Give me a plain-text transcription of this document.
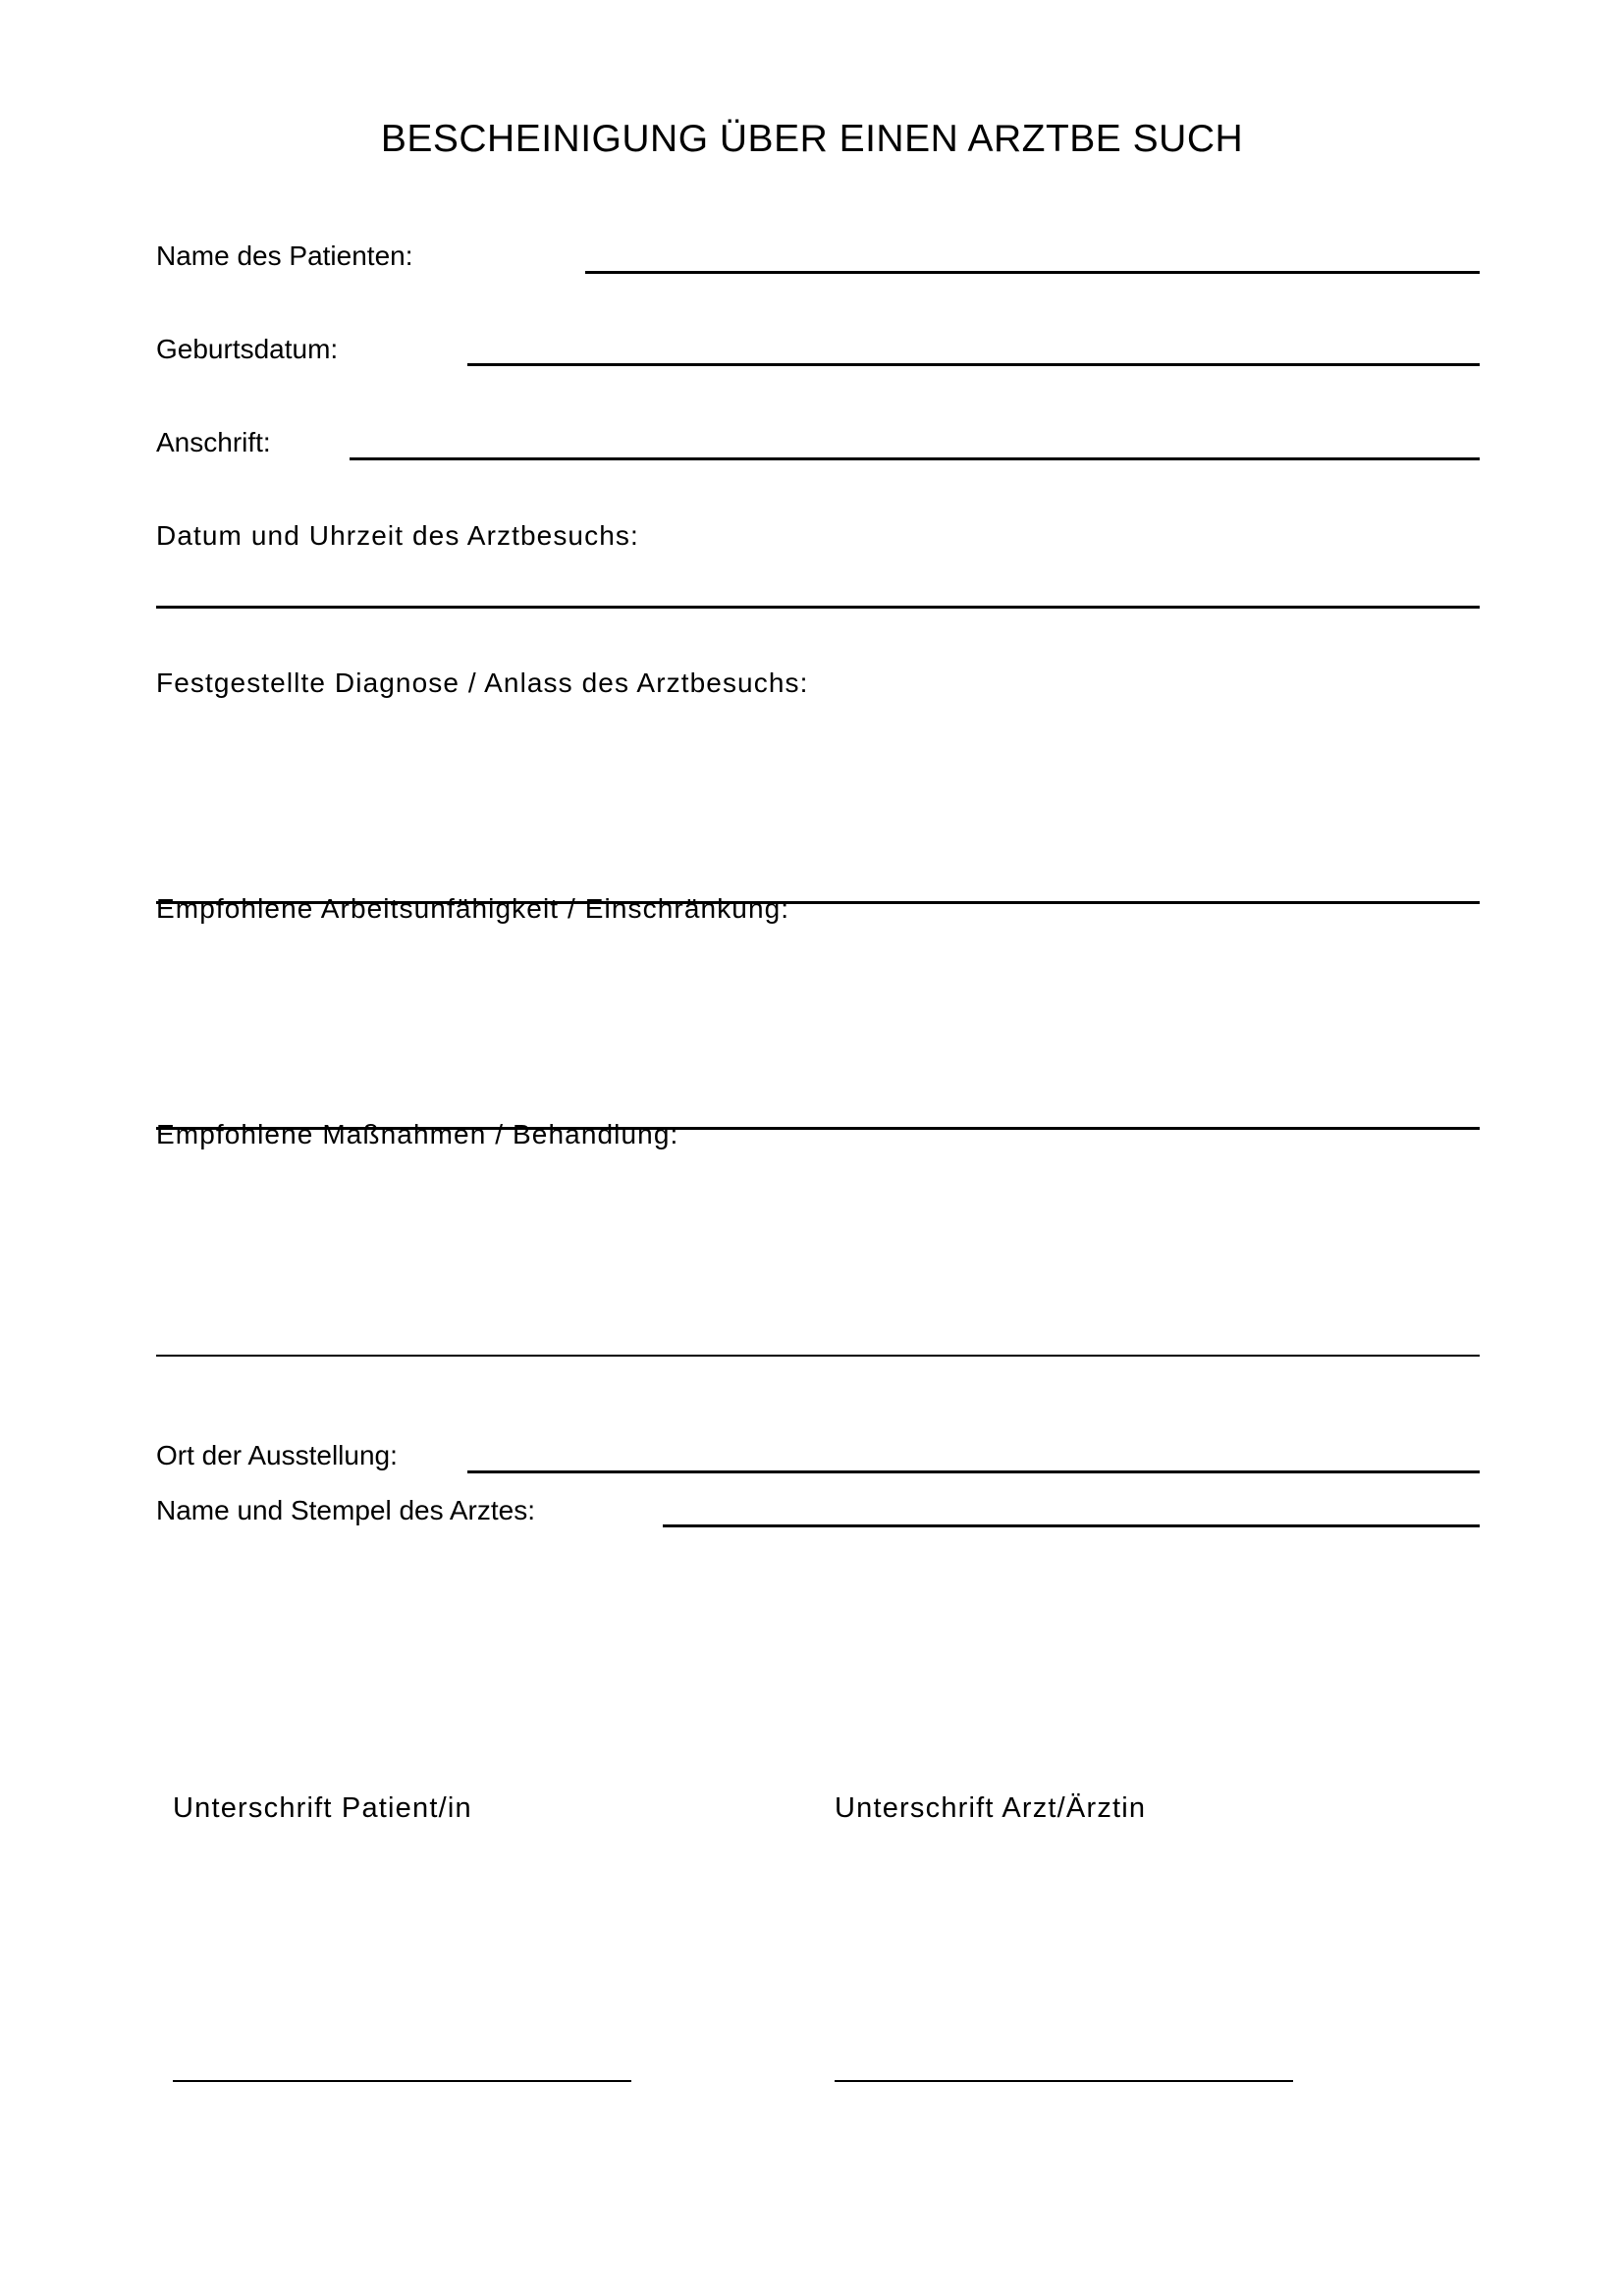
BESCHEINIGUNG ÜBER EINEN ARZTBE SUCH
Name des Patienten:
Geburtsdatum:
Anschrift:
Datum und Uhrzeit des Arztbesuchs:
Festgestellte Diagnose / Anlass des Arztbesuchs:
Empfohlene Arbeitsunfähigkeit / Einschränkung:
Empfohlene Maßnahmen / Behandlung:
Ort der Ausstellung:
Name und Stempel des Arztes:
Unterschrift Patient/in	Unterschrift Arzt/Ärztin
